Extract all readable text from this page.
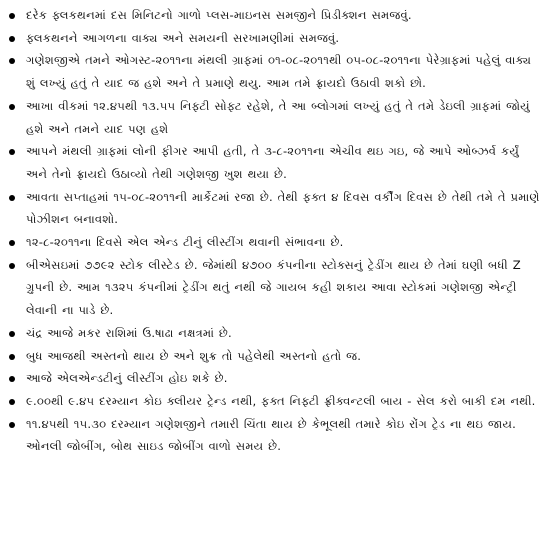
દરેક ફ્લકથનમાં દસ મિનિટનો ગાળો પ્લસ-માઇનસ સમજીને પ્રિડીક્શન સમજવું.
ફ્લકથનને આગળના વાક્ય અને સમયની સરખામણીમાં સમજવું.
ગણેશજીએ તમને ઓગસ્ટ-૨૦૧૧ના મંથલી ગ્રાફમાં ૦૧-૦૮-૨૦૧૧થી ૦૫-૦૮-૨૦૧૧ના પેરેગ્રાફમાં પહેલું વાક્ય શું લખ્યું હતું તે યાદ જ હશે અને તે પ્રમાણે થયુ. આમ તમે ફ્રાયદો ઉઠાવી શકો છો.
આખા વીકમાં ૧૨.૪૫થી ૧૩.૫૫ નિફ્ટી સોફ્ટ રહેશે, તે આ બ્લોગમાં લખ્યું હતું તે તમે ડેઇલી ગ્રાફમાં જોયું હશે અને તમને યાદ પણ હશે
આપને મંથલી ગ્રાફમાં લોની ફીગર આપી હતી, તે ૩-૮-૨૦૧૧ના એચીવ થઇ ગઇ, જે આપે ઓબ્ઝર્વ કર્યું અને તેનો ફ્રાયદો ઉઠાવ્યો તેથી ગણેશજી ખુશ થયા છે.
આવતા સપ્તાહમાં ૧૫-૦૮-૨૦૧૧ની માર્કેટમાં રજા છે. તેથી ફક્ત ૪ દિવસ વર્કીંગ દિવસ છે તેથી તમે તે પ્રમાણે પોઝીશન બનાવશો.
૧૨-૮-૨૦૧૧ના દિવસે એલ એન્ડ ટીનું લીસ્ટીંગ થવાની સંભાવના છે.
બીએસઇમાં ૭૭૯૨ સ્ટોક લીસ્ટેડ છે. જેમાંથી ૪૭૦૦ કંપનીના સ્ટોક્સનું ટ્રેડીંગ થાય છે તેમાં ઘણી બધી Z ગ્રુપની છે. આમ ૧૩૨૫ કંપનીમાં ટ્રેડીંગ થતું નથી જે ગાયબ કહી શકાય આવા સ્ટોકમાં ગણેશજી એન્ટ્રી લેવાની ના પાડે છે.
ચંદ્ર આજે મકર રાશિમાં ઉ.ષાઢા નક્ષત્રમાં છે.
બુધ આજથી અસ્તનો થાય છે અને શુક્ર તો પહેલેથી અસ્તનો હતો જ.
આજે એલએન્ડટીનું લીસ્ટીંગ હોઇ શકે છે.
૯.૦૦થી ૯.૪૫ દરમ્યાન કોઇ ક્લીયર ટ્રેન્ડ નથી, ફક્ત નિફ્ટી ફ્રીક્વન્ટલી બાય - સેલ કરો બાકી દમ નથી.
૧૧.૪૫થી ૧૫.૩૦ દરમ્યાન ગણેશજીને તમારી ચિંતા થાય છે કેભૂલથી તમારે કોઇ રોંગ ટ્રેડ ના થઇ જાય. ઓનલી જોબીંગ, બોથ સાઇડ જોબીંગ વાળો સમય છે.
